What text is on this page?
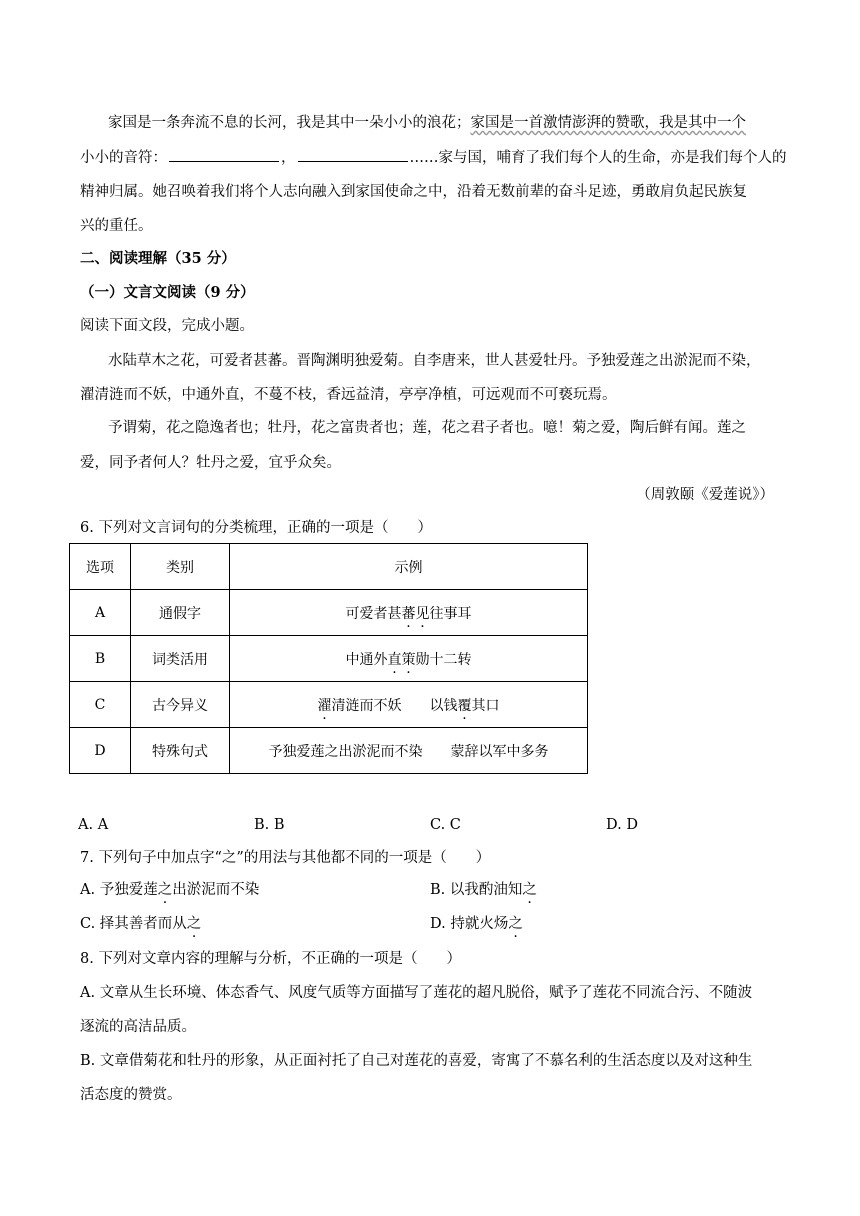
家国是一条奔流不息的长河，我是其中一朵小小的浪花；家国是一首激情澎湃的赞歌，我是其中一个
小小的音符：	，	……家与国，哺育了我们每个人的生命，亦是我们每个人的
精神归属。她召唤着我们将个人志向融入到家国使命之中，沿着无数前辈的奋斗足迹，勇敢肩负起民族复
兴的重任。
二、阅读理解（35 分）
（一）文言文阅读（9 分）
阅读下面文段，完成小题。
水陆草木之花，可爱者甚蕃。晋陶渊明独爱菊。自李唐来，世人甚爱牡丹。予独爱莲之出淤泥而不染，
濯清涟而不妖，中通外直，不蔓不枝，香远益清，亭亭净植，可远观而不可亵玩焉。
予谓菊，花之隐逸者也；牡丹，花之富贵者也；莲，花之君子者也。噫！菊之爱，陶后鲜有闻。莲之
爱，同予者何人？牡丹之爱，宜乎众矣。
（周敦颐《爱莲说》）
6. 下列对文言词句的分类梳理，正确的一项是（　　）
选项	类别	示例
A	通假字	可爱者甚蕃见往事耳
B	词类活用	中通外直策勋十二转
C	古今异义	濯清涟而不妖 以钱覆其口
D	特殊句式	予独爱莲之出淤泥而不染 蒙辞以军中多务
A. A	B. B	C. C	D. D
7. 下列句子中加点字“之”的用法与其他都不同的一项是（　　）
A. 予独爱莲之出淤泥而不染	B. 以我酌油知之
C. 择其善者而从之	D. 持就火炀之
8. 下列对文章内容的理解与分析，不正确的一项是（　　）
A. 文章从生长环境、体态香气、风度气质等方面描写了莲花的超凡脱俗，赋予了莲花不同流合污、不随波
逐流的高洁品质。
B. 文章借菊花和牡丹的形象，从正面衬托了自己对莲花的喜爱，寄寓了不慕名利的生活态度以及对这种生
活态度的赞赏。
